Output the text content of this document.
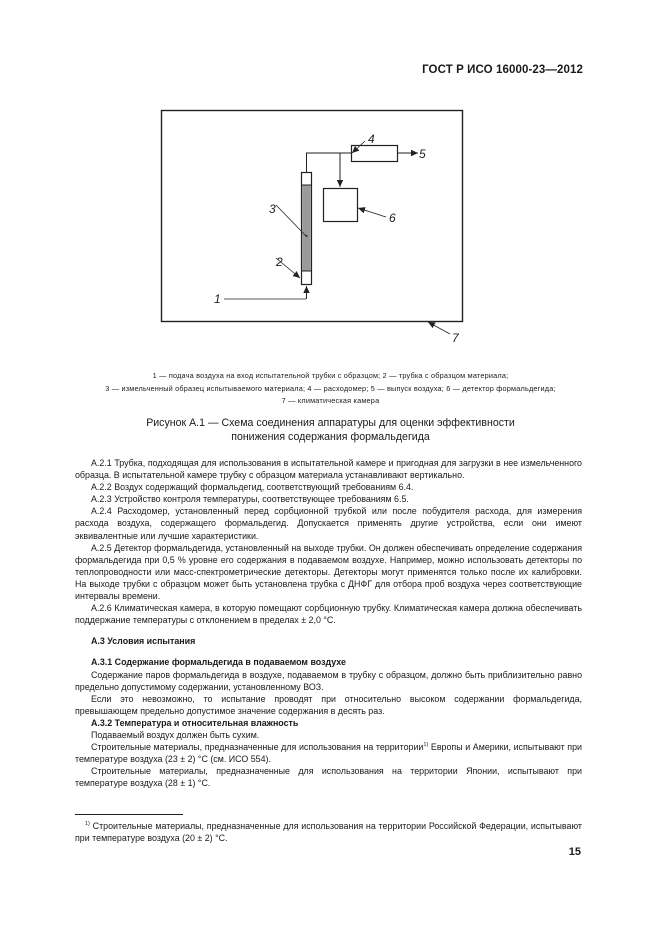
ГОСТ Р ИСО 16000-23—2012
1
2
3
4
5
6
7
1 — подача воздуха на вход испытательной трубки с образцом; 2 — трубка с образцом материала;
3 — измельченный образец испытываемого материала; 4 — расходомер; 5 — выпуск воздуха; 6 — детектор формальдегида;
7 — климатическая камера
Рисунок А.1 — Схема соединения аппаратуры для оценки эффективности
понижения содержания формальдегида

А.2.1 Трубка, подходящая для использования в испытательной камере и пригодная для загрузки в нее измельченного образца. В испытательной камере трубку с образцом материала устанавливают вертикально.

А.2.2 Воздух содержащий формальдегид, соответствующий требованиям 6.4.

А.2.3 Устройство контроля температуры, соответствующее требованиям 6.5.

А.2.4 Расходомер, установленный перед сорбционной трубкой или после побудителя расхода, для измерения расхода воздуха, содержащего формальдегид. Допускается применять другие устройства, если они имеют эквивалентные или лучшие характеристики.

А.2.5 Детектор формальдегида, установленный на выходе трубки. Он должен обеспечивать определение содержания формальдегида при 0,5 % уровне его содержания в подаваемом воздухе. Например, можно использовать детекторы по теплопроводности или масс-спектрометрические детекторы. Детекторы могут применятся только после их калибровки. На выходе трубки с образцом может быть установлена трубка с ДНФГ для отбора проб воздуха через соответствующие интервалы времени.

А.2.6 Климатическая камера, в которую помещают сорбционную трубку. Климатическая камера должна обеспечивать поддержание температуры с отклонением в пределах ± 2,0 °С.

А.3 Условия испытания

А.3.1 Содержание формальдегида в подаваемом воздухе

Содержание паров формальдегида в воздухе, подаваемом в трубку с образцом, должно быть приблизительно равно предельно допустимому содержании, установленному ВОЗ.

Если это невозможно, то испытание проводят при относительно высоком содержании формальдегида, превышающем предельно допустимое значение содержания в десять раз.

А.3.2 Температура и относительная влажность

Подаваемый воздух должен быть сухим.

Строительные материалы, предназначенные для использования на территории$^{1)}$ Европы и Америки, испытывают при температуре воздуха (23 ± 2) °С (см. ИСО 554).

Строительные материалы, предназначенные для использования на территории Японии, испытывают при температуре воздуха (28 ± 1) °С.

$^{1)}$ Строительные материалы, предназначенные для использования на территории Российской Федерации, испытывают при температуре воздуха (20 ± 2) °С.

15
